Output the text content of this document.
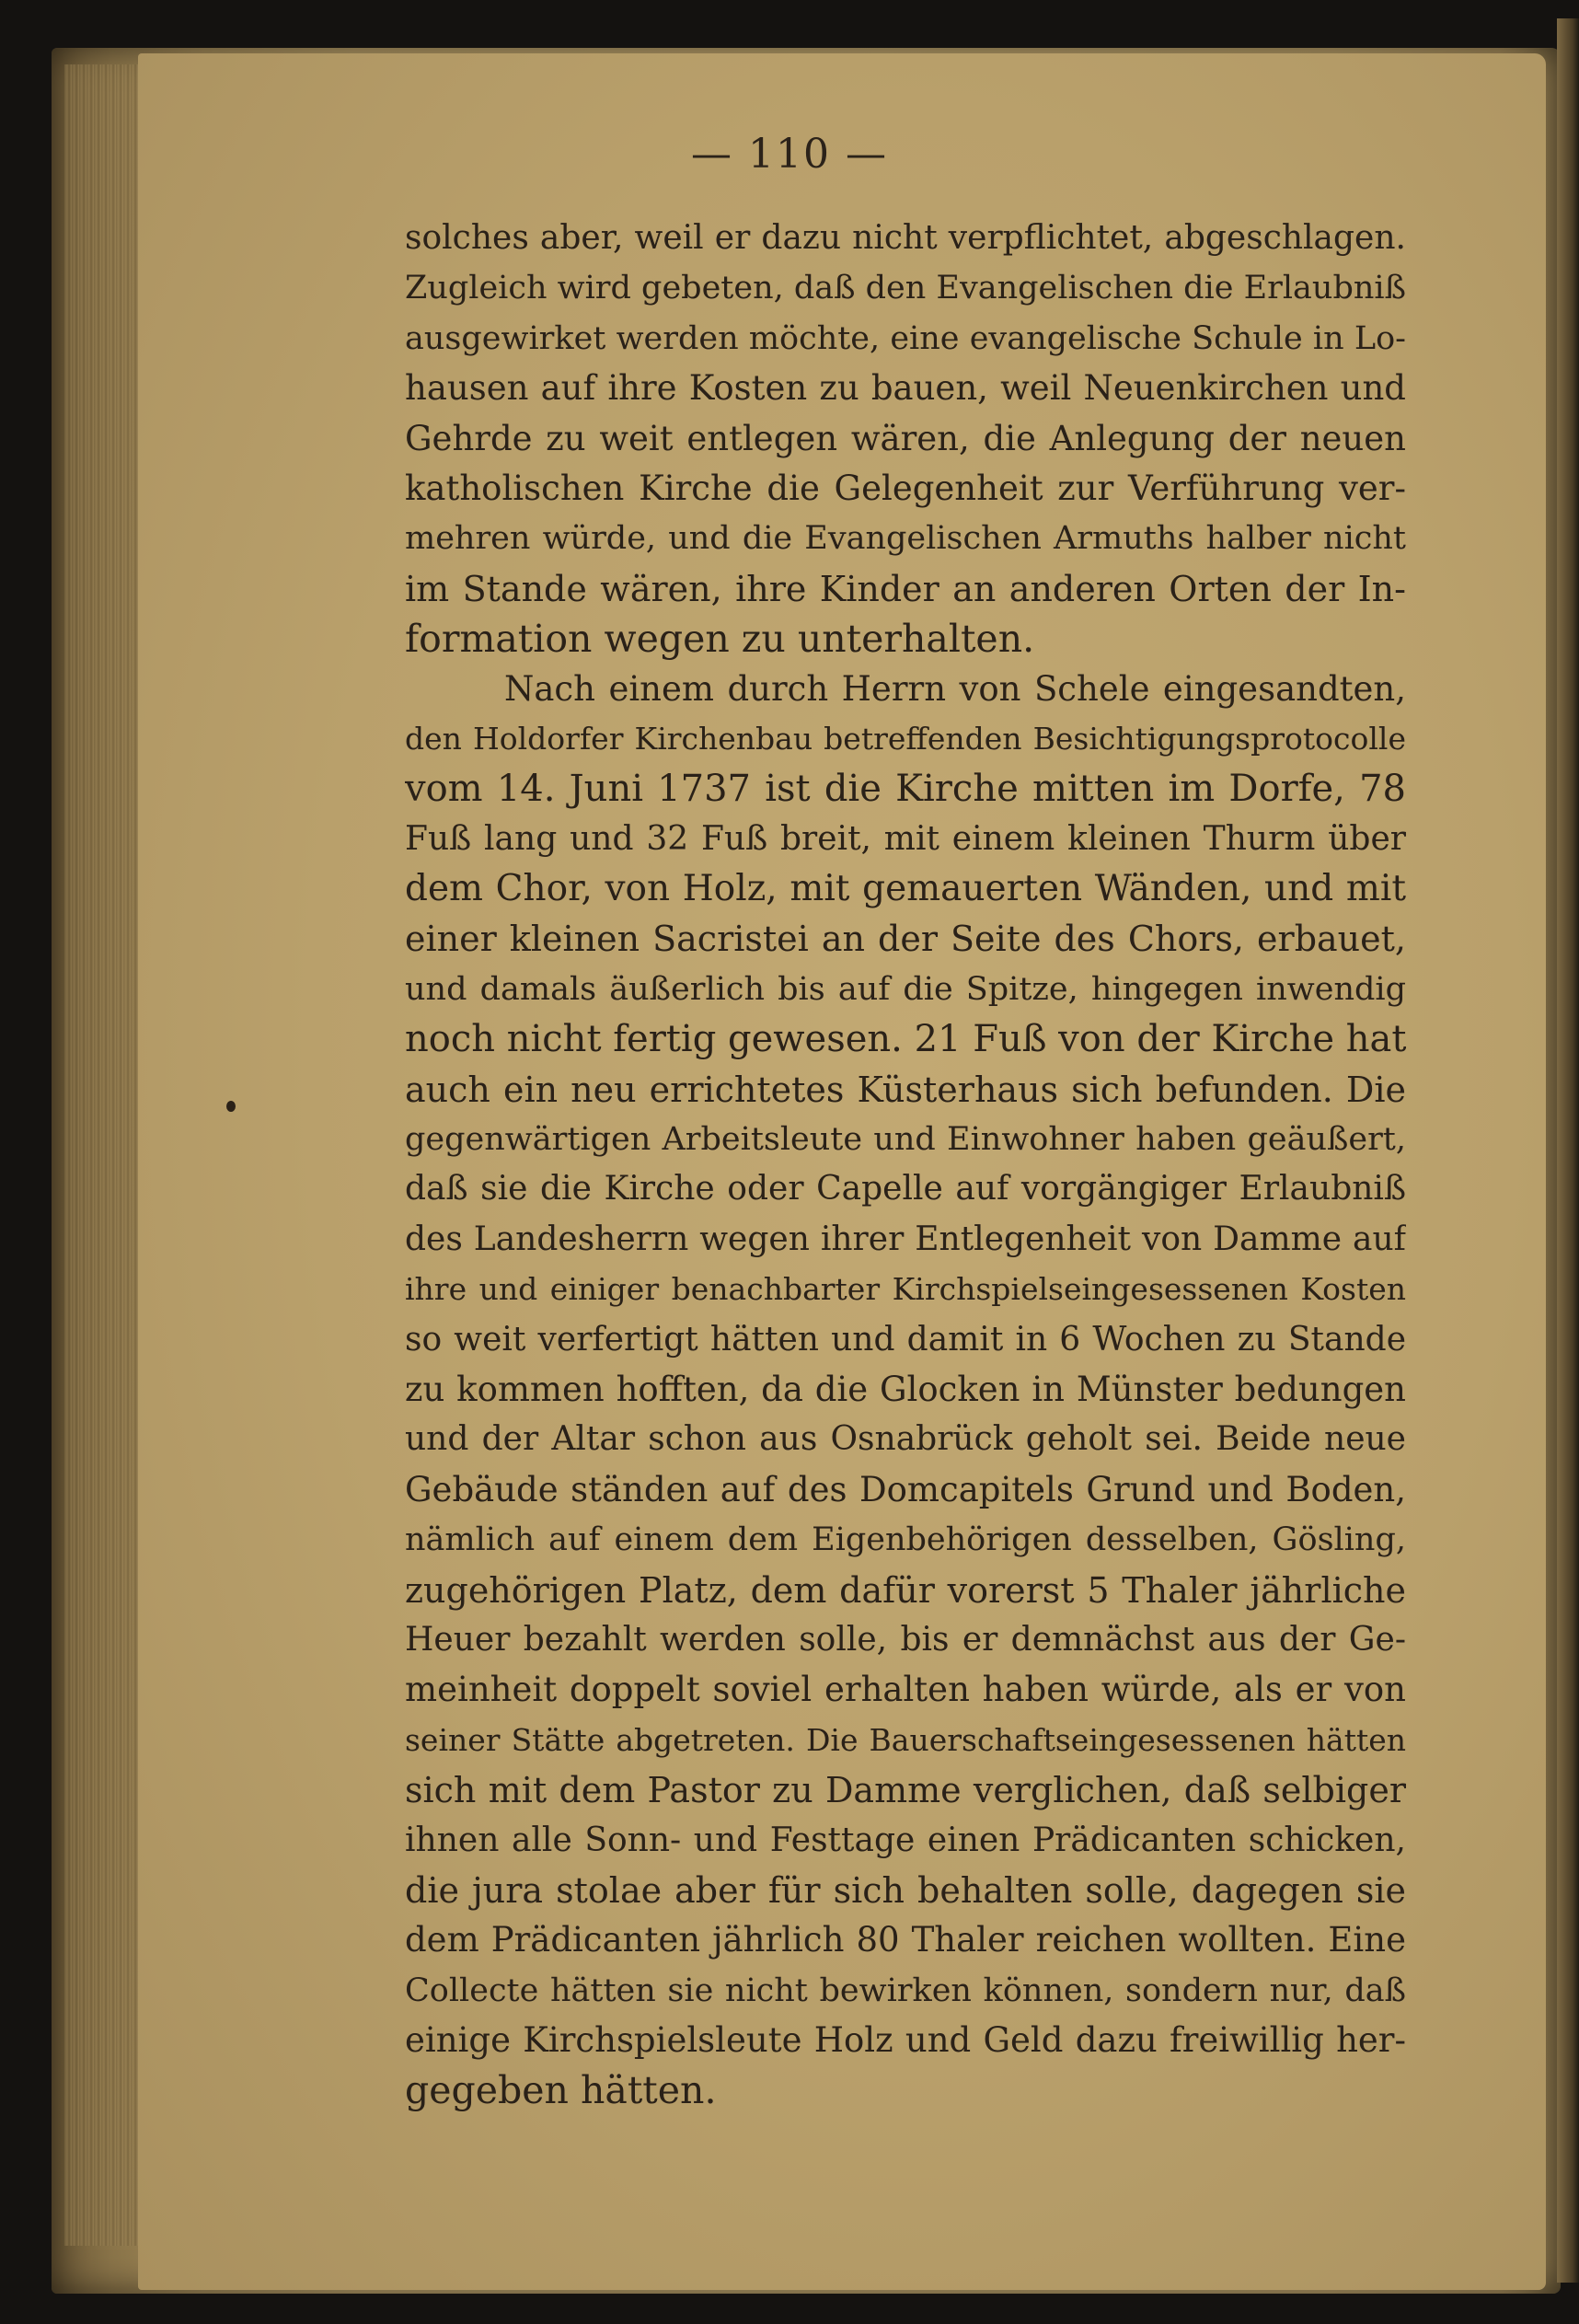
— 110 —
solches aber, weil er dazu nicht verpflichtet, abgeschlagen.
Zugleich wird gebeten, daß den Evangelischen die Erlaubniß
ausgewirket werden möchte, eine evangelische Schule in Lo-
hausen auf ihre Kosten zu bauen, weil Neuenkirchen und
Gehrde zu weit entlegen wären, die Anlegung der neuen
katholischen Kirche die Gelegenheit zur Verführung ver-
mehren würde, und die Evangelischen Armuths halber nicht
im Stande wären, ihre Kinder an anderen Orten der In-
formation wegen zu unterhalten.
Nach einem durch Herrn von Schele eingesandten,
den Holdorfer Kirchenbau betreffenden Besichtigungsprotocolle
vom 14. Juni 1737 ist die Kirche mitten im Dorfe, 78
Fuß lang und 32 Fuß breit, mit einem kleinen Thurm über
dem Chor, von Holz, mit gemauerten Wänden, und mit
einer kleinen Sacristei an der Seite des Chors, erbauet,
und damals äußerlich bis auf die Spitze, hingegen inwendig
noch nicht fertig gewesen. 21 Fuß von der Kirche hat
auch ein neu errichtetes Küsterhaus sich befunden. Die
gegenwärtigen Arbeitsleute und Einwohner haben geäußert,
daß sie die Kirche oder Capelle auf vorgängiger Erlaubniß
des Landesherrn wegen ihrer Entlegenheit von Damme auf
ihre und einiger benachbarter Kirchspielseingesessenen Kosten
so weit verfertigt hätten und damit in 6 Wochen zu Stande
zu kommen hofften, da die Glocken in Münster bedungen
und der Altar schon aus Osnabrück geholt sei. Beide neue
Gebäude ständen auf des Domcapitels Grund und Boden,
nämlich auf einem dem Eigenbehörigen desselben, Gösling,
zugehörigen Platz, dem dafür vorerst 5 Thaler jährliche
Heuer bezahlt werden solle, bis er demnächst aus der Ge-
meinheit doppelt soviel erhalten haben würde, als er von
seiner Stätte abgetreten. Die Bauerschaftseingesessenen hätten
sich mit dem Pastor zu Damme verglichen, daß selbiger
ihnen alle Sonn- und Festtage einen Prädicanten schicken,
die jura stolae aber für sich behalten solle, dagegen sie
dem Prädicanten jährlich 80 Thaler reichen wollten. Eine
Collecte hätten sie nicht bewirken können, sondern nur, daß
einige Kirchspielsleute Holz und Geld dazu freiwillig her-
gegeben hätten.
